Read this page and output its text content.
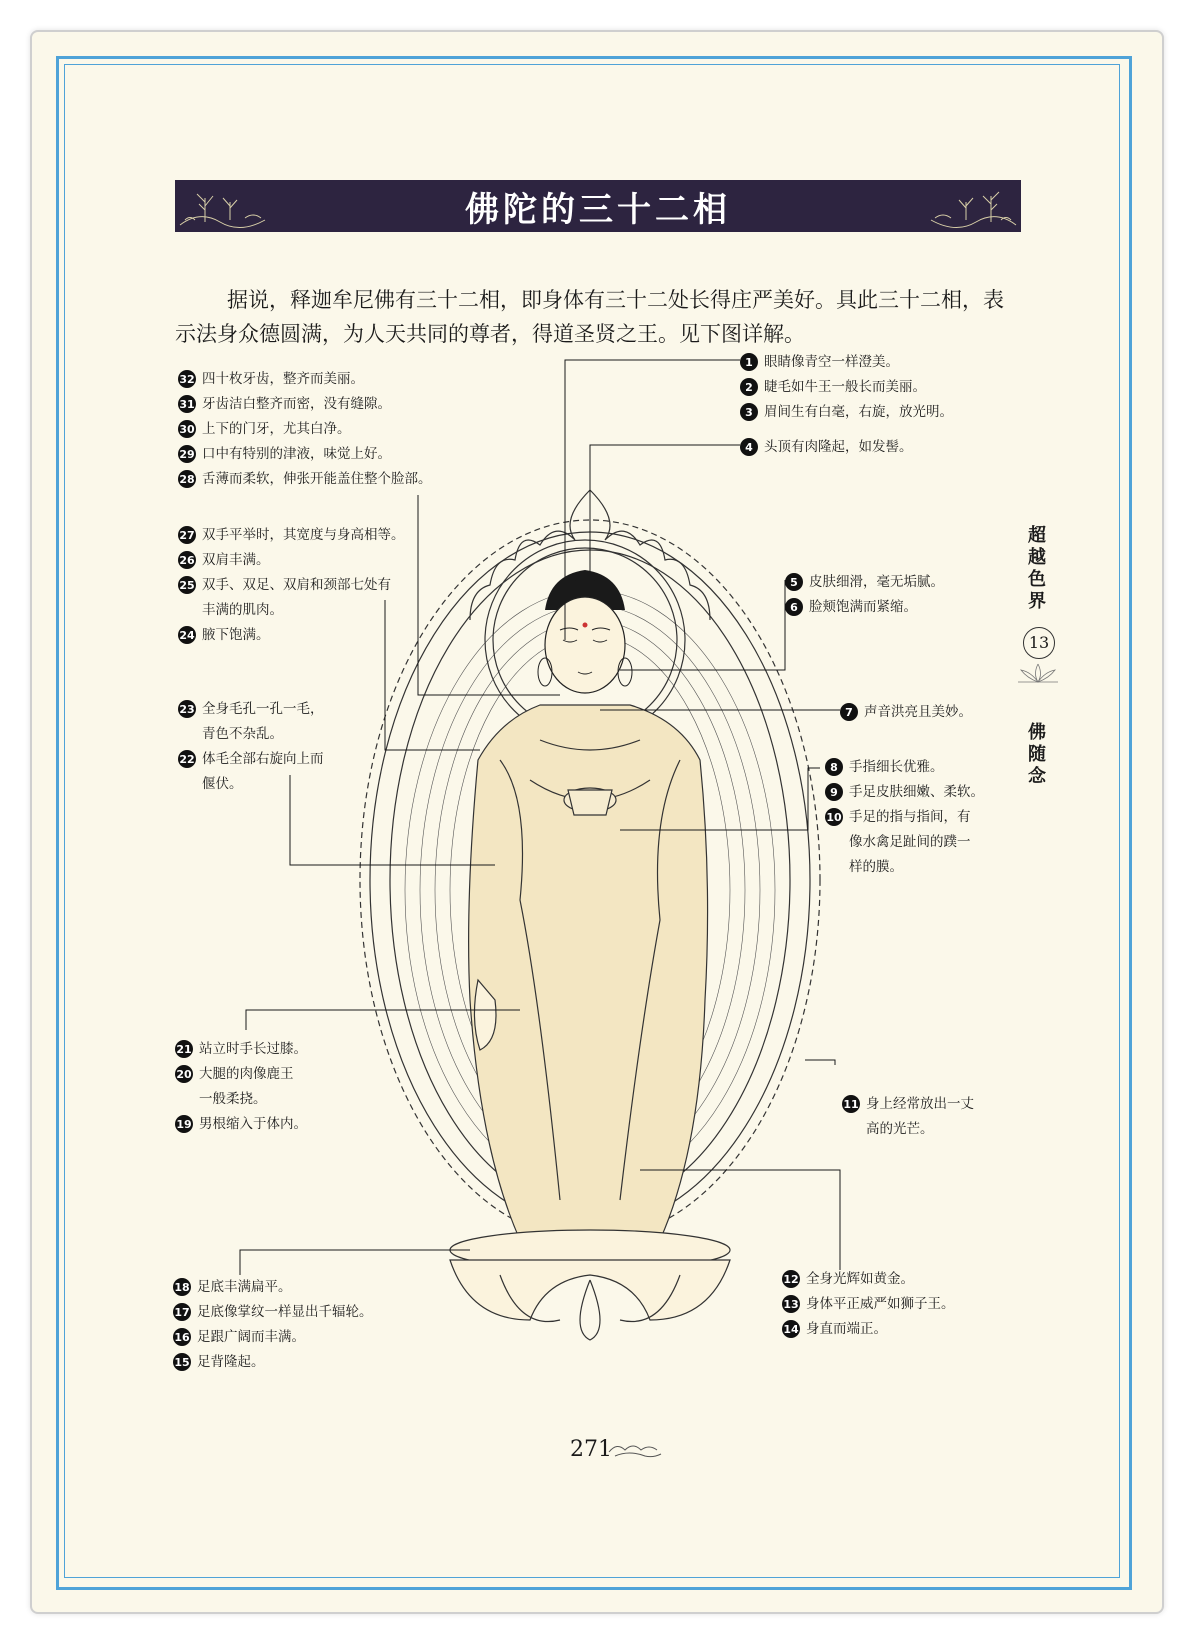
佛陀的三十二相

据说，释迦牟尼佛有三十二相，即身体有三十二处长得庄严美好。具此三十二相，表示法身众德圆满，为人天共同的尊者，得道圣贤之王。见下图详解。

32 四十枚牙齿，整齐而美丽。
31 牙齿洁白整齐而密，没有缝隙。
30 上下的门牙，尤其白净。
29 口中有特别的津液，味觉上好。
28 舌薄而柔软，伸张开能盖住整个脸部。
27 双手平举时，其宽度与身高相等。
26 双肩丰满。
25 双手、双足、双肩和颈部七处有
丰满的肌肉。
24 腋下饱满。
23 全身毛孔一孔一毛，
青色不杂乱。
22 体毛全部右旋向上而
偃伏。
21 站立时手长过膝。
20 大腿的肉像鹿王
一般柔挠。
19 男根缩入于体内。
18 足底丰满扁平。
17 足底像掌纹一样显出千辐轮。
16 足跟广阔而丰满。
15 足背隆起。
1 眼睛像青空一样澄美。
2 睫毛如牛王一般长而美丽。
3 眉间生有白毫，右旋，放光明。
4 头顶有肉隆起，如发髻。
5 皮肤细滑，毫无垢腻。
6 脸颊饱满而紧缩。
7 声音洪亮且美妙。
8 手指细长优雅。
9 手足皮肤细嫩、柔软。
10 手足的指与指间，有
像水禽足趾间的蹼一
样的膜。
11 身上经常放出一丈
高的光芒。
12 全身光辉如黄金。
13 身体平正威严如狮子王。
14 身直而端正。
超越色界
13
佛随念
271
